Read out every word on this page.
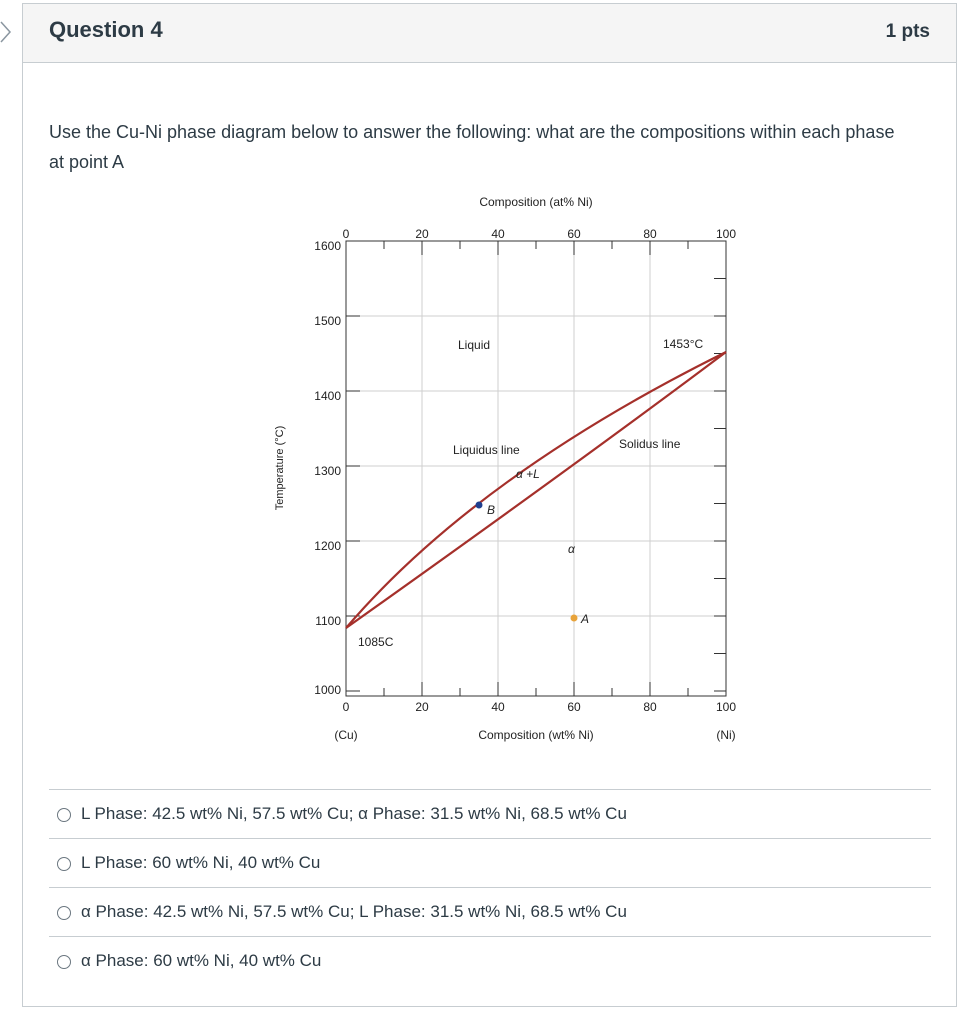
Question 4	1 pts
Use the Cu-Ni phase diagram below to answer the following: what are the compositions within each phase at point A
Composition (at% Ni)
Composition (wt% Ni)
(Cu)	(Ni)
Temperature (°C)
0	20	40	60	80	100
0	20	40	60	80	100
1600
1500
1400
1300
1200
1100
1000
Liquid	1453°C
Liquidus line	Solidus line
α +L
α
1085C
B
A
L Phase: 42.5 wt% Ni, 57.5 wt% Cu; α Phase: 31.5 wt% Ni, 68.5 wt% Cu
L Phase: 60 wt% Ni, 40 wt% Cu
α Phase: 42.5 wt% Ni, 57.5 wt% Cu; L Phase: 31.5 wt% Ni, 68.5 wt% Cu
α Phase: 60 wt% Ni, 40 wt% Cu
